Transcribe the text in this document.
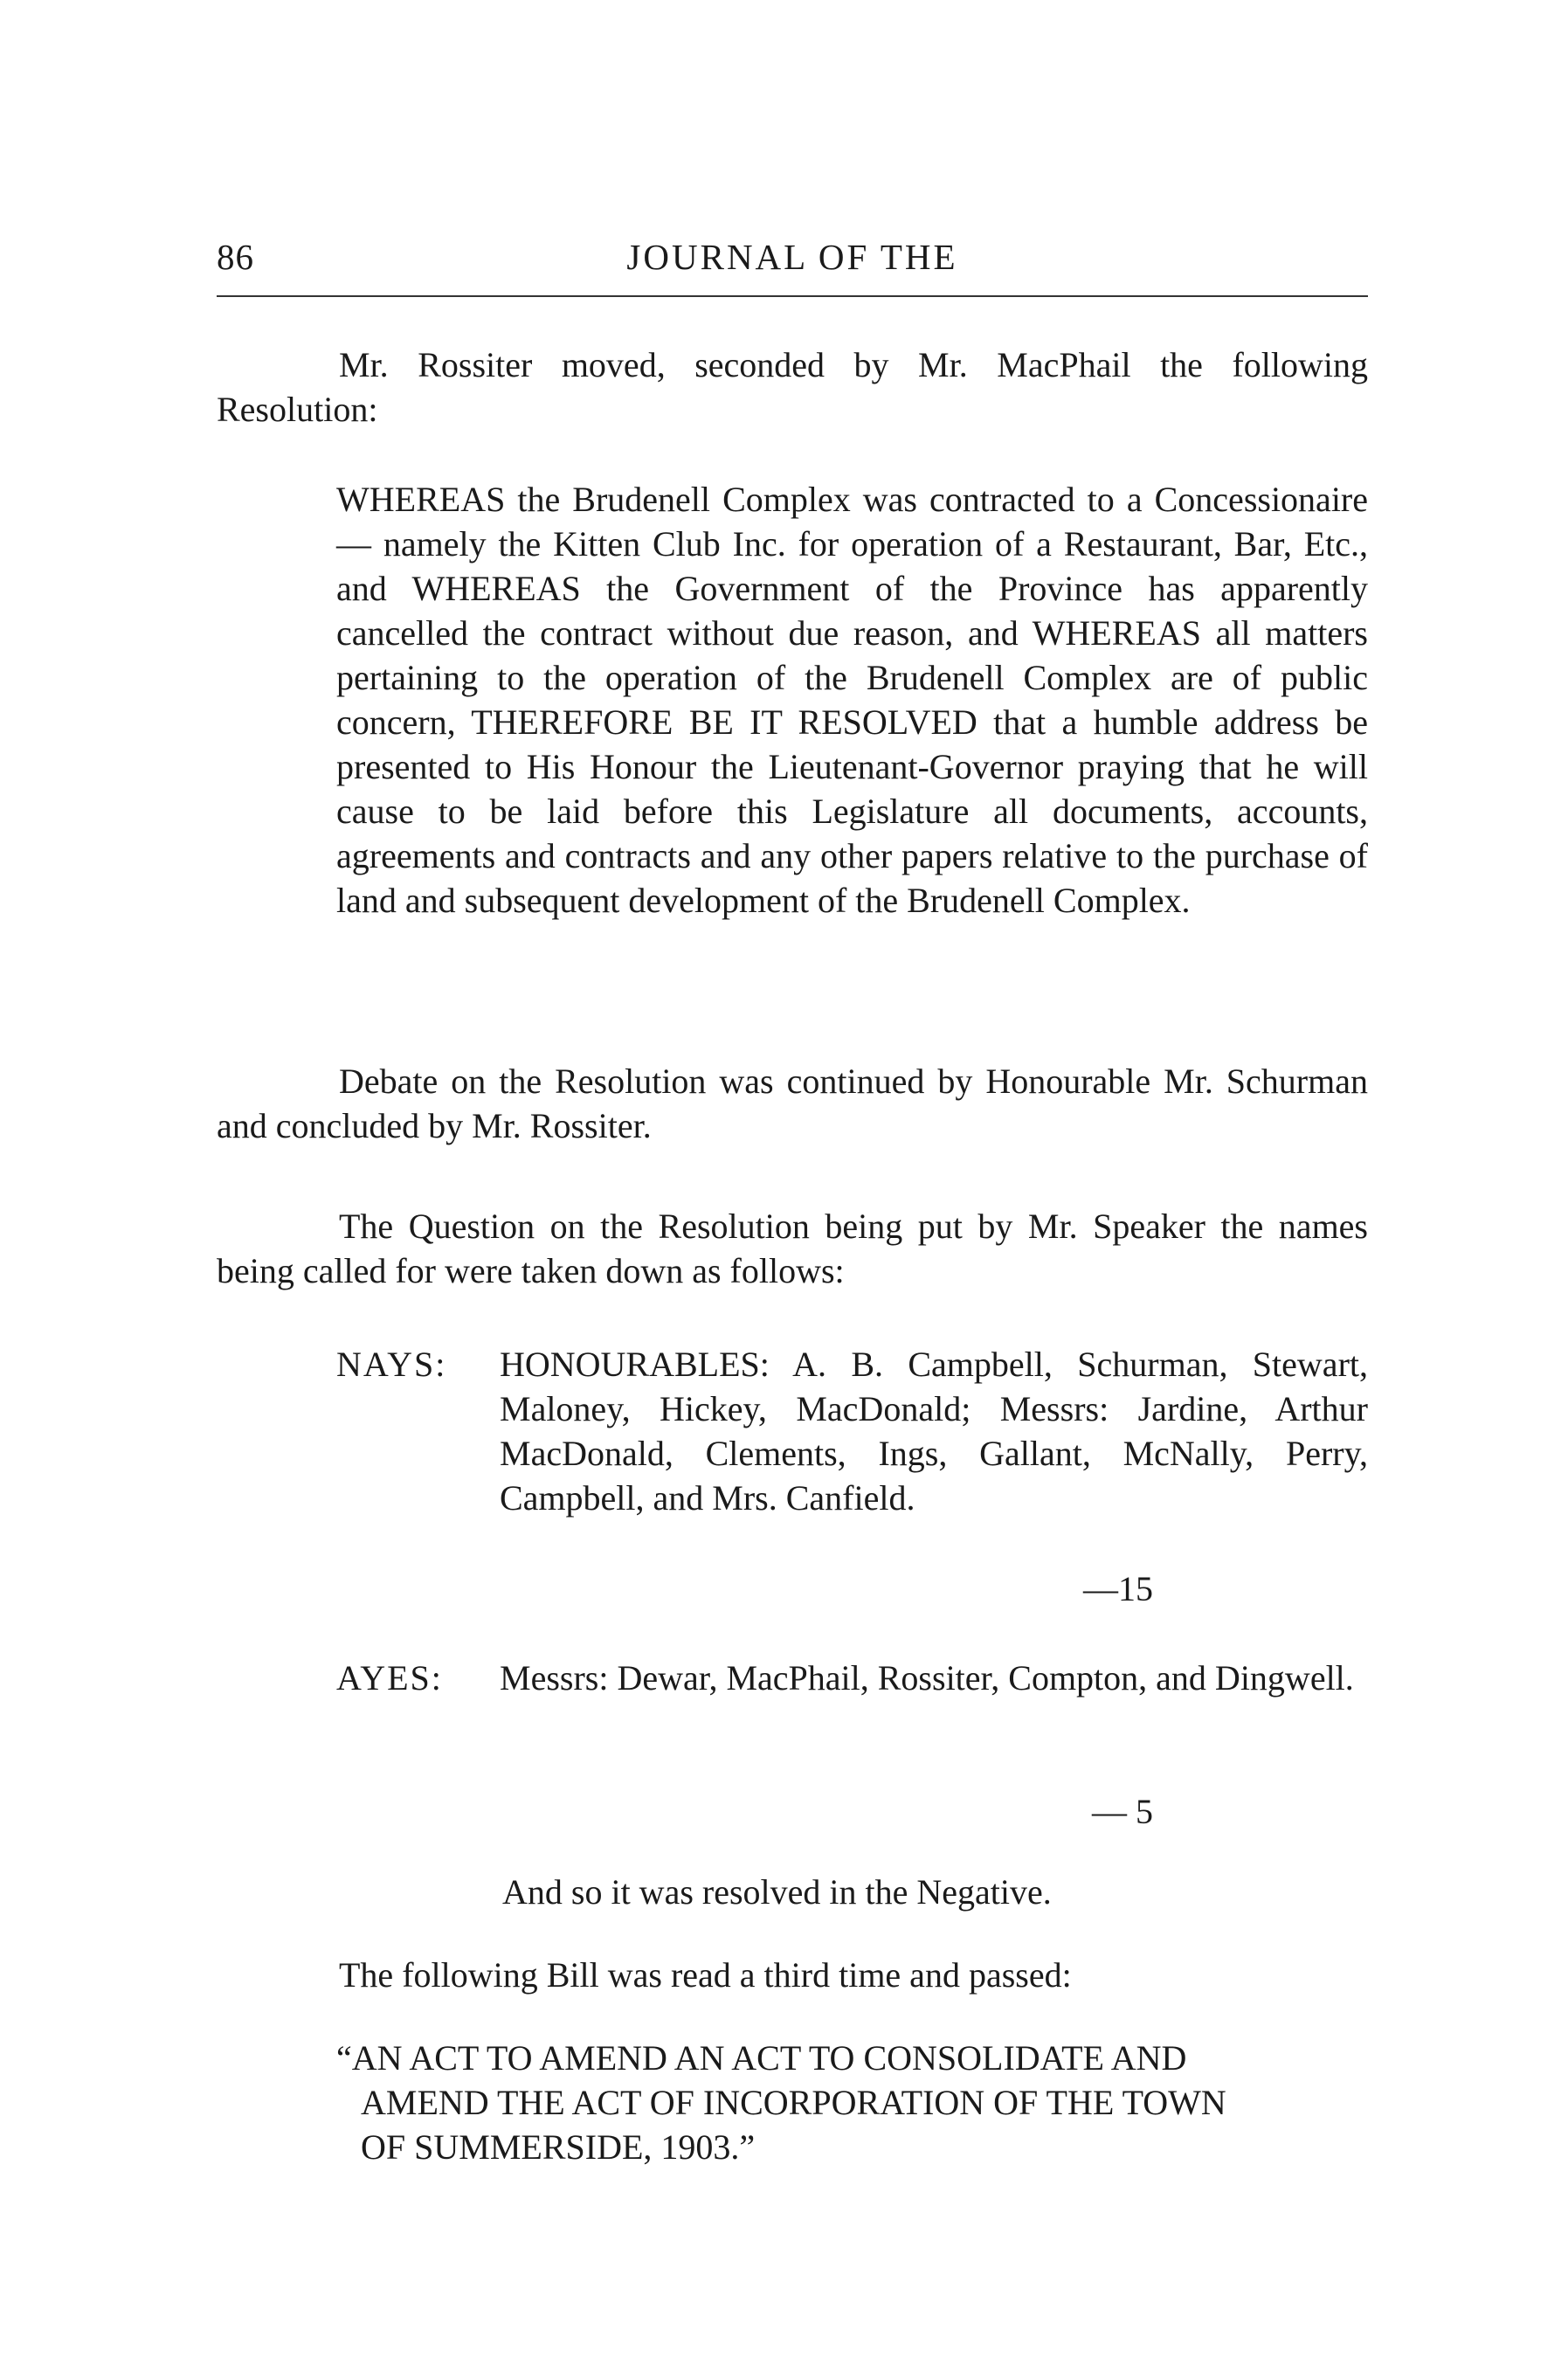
86	JOURNAL OF THE

Mr. Rossiter moved, seconded by Mr. MacPhail the following Resolution:

WHEREAS the Brudenell Complex was contracted to a Concessionaire — namely the Kitten Club Inc. for operation of a Restaurant, Bar, Etc., and WHEREAS the Government of the Province has apparently cancelled the contract without due reason, and WHEREAS all matters pertaining to the operation of the Brudenell Complex are of public concern, THEREFORE BE IT RESOLVED that a humble address be presented to His Honour the Lieutenant-Governor praying that he will cause to be laid before this Legislature all documents, accounts, agreements and contracts and any other papers relative to the purchase of land and subsequent development of the Brudenell Complex.

Debate on the Resolution was continued by Honourable Mr. Schurman and concluded by Mr. Rossiter.

The Question on the Resolution being put by Mr. Speaker the names being called for were taken down as follows:

NAYS: HONOURABLES: A. B. Campbell, Schurman, Stewart, Maloney, Hickey, MacDonald; Messrs: Jardine, Arthur MacDonald, Clements, Ings, Gallant, McNally, Perry, Campbell, and Mrs. Canfield.

—15
AYES: Messrs: Dewar, MacPhail, Rossiter, Compton, and Dingwell.

— 5
And so it was resolved in the Negative.

The following Bill was read a third time and passed:

“AN ACT TO AMEND AN ACT TO CONSOLIDATE AND
AMEND THE ACT OF INCORPORATION OF THE TOWN
OF SUMMERSIDE, 1903.”
